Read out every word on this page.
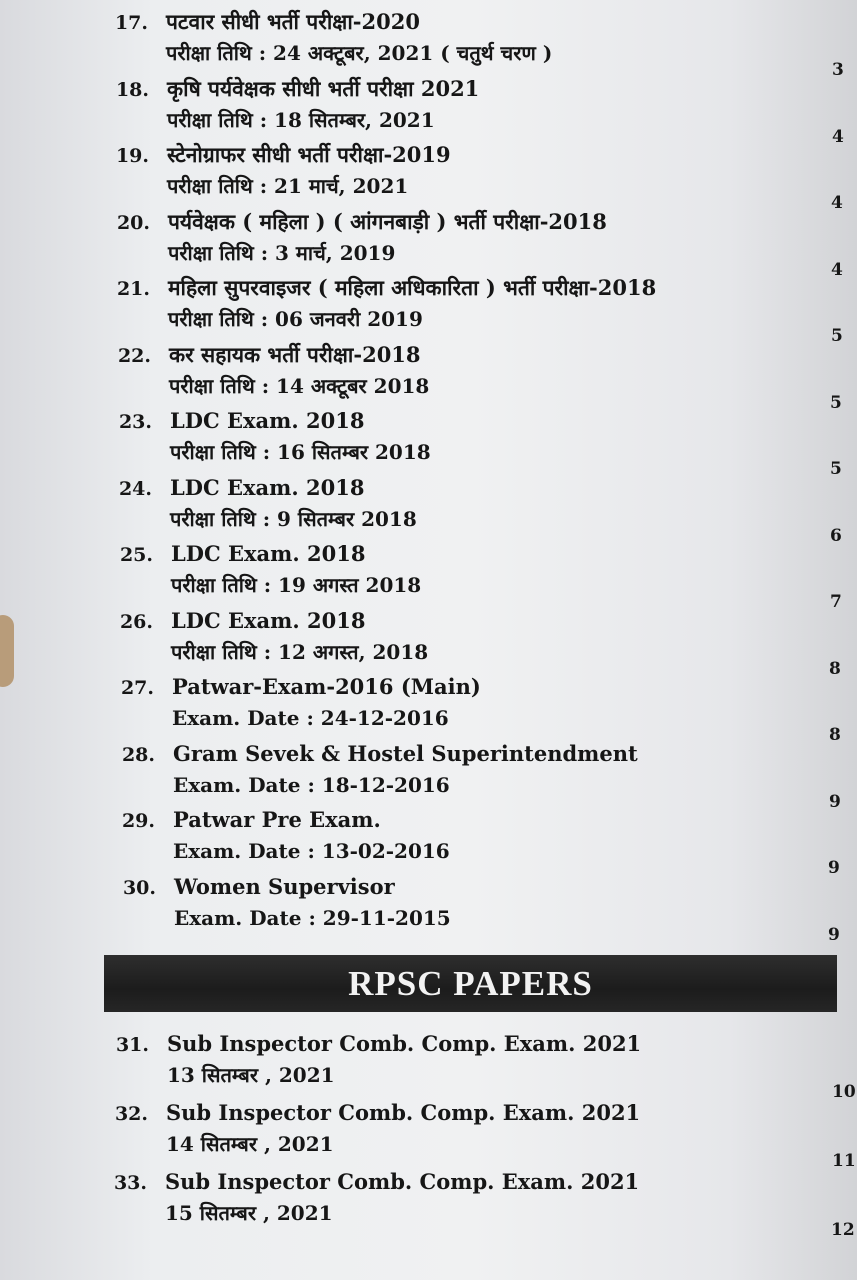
17. पटवार सीधी भर्ती परीक्षा-2020
परीक्षा तिथि : 24 अक्टूबर, 2021 ( चतुर्थ चरण )
3
18. कृषि पर्यवेक्षक सीधी भर्ती परीक्षा 2021
परीक्षा तिथि : 18 सितम्बर, 2021
4
19. स्टेनोग्राफर सीधी भर्ती परीक्षा-2019
परीक्षा तिथि : 21 मार्च, 2021
4
20. पर्यवेक्षक ( महिला ) ( आंगनबाड़ी ) भर्ती परीक्षा-2018
परीक्षा तिथि : 3 मार्च, 2019
4
21. महिला सुपरवाइजर ( महिला अधिकारिता ) भर्ती परीक्षा-2018
परीक्षा तिथि : 06 जनवरी 2019
5
22. कर सहायक भर्ती परीक्षा-2018
परीक्षा तिथि : 14 अक्टूबर 2018
5
23. LDC Exam. 2018
परीक्षा तिथि : 16 सितम्बर 2018
5
24. LDC Exam. 2018
परीक्षा तिथि : 9 सितम्बर 2018
6
25. LDC Exam. 2018
परीक्षा तिथि : 19 अगस्त 2018
7
26. LDC Exam. 2018
परीक्षा तिथि : 12 अगस्त, 2018
8
27. Patwar-Exam-2016 (Main)
Exam. Date : 24-12-2016
8
28. Gram Sevek & Hostel Superintendment
Exam. Date : 18-12-2016
9
29. Patwar Pre Exam.
Exam. Date : 13-02-2016
9
30. Women Supervisor
Exam. Date : 29-11-2015
9
RPSC PAPERS
31. Sub Inspector Comb. Comp. Exam. 2021
13 सितम्बर , 2021
10
32. Sub Inspector Comb. Comp. Exam. 2021
14 सितम्बर , 2021
11
33. Sub Inspector Comb. Comp. Exam. 2021
15 सितम्बर , 2021
12
